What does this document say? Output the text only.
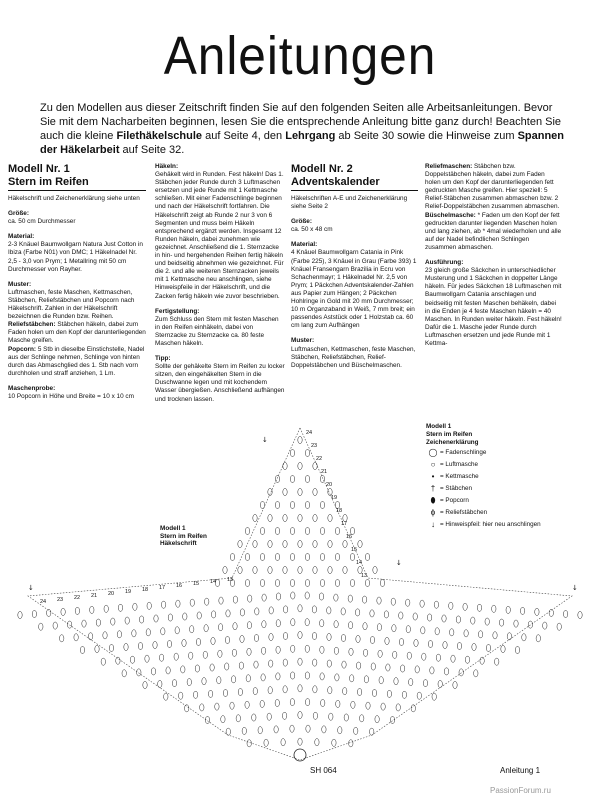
Anleitungen

Zu den Modellen aus dieser Zeitschrift finden Sie auf den folgenden Seiten alle Arbeitsanleitungen. Bevor Sie mit dem Nacharbeiten beginnen, lesen Sie die entsprechende Anleitung bitte ganz durch! Beachten Sie auch die kleine Filethäkelschule auf Seite 4, den Lehrgang ab Seite 30 sowie die Hinweise zum Spannen der Häkelarbeit auf Seite 32.

Modell Nr. 1
Stern im Reifen

Häkelschrift und Zeichenerklärung siehe unten

Größe:
ca. 50 cm Durchmesser

Material:
2-3 Knäuel Baumwollgarn Natura Just Cotton in Ibiza (Farbe N01) von DMC; 1 Häkelnadel Nr. 2,5 - 3,0 von Prym; 1 Metallring mit 50 cm Durchmesser von Rayher.

Muster:
Luftmaschen, feste Maschen, Kettmaschen, Stäbchen, Reliefstäbchen und Popcorn nach Häkelschrift. Zahlen in der Häkelschrift bezeichnen die Runden bzw. Reihen.
Reliefstäbchen: Stäbchen häkeln, dabei zum Faden holen um den Kopf der darunterliegenden Masche greifen.
Popcorn: 5 Stb in dieselbe Einstichstelle, Nadel aus der Schlinge nehmen, Schlinge von hinten durch das Abmaschglied des 1. Stb nach vorn durchholen und straff anziehen, 1 Lm.

Maschenprobe:
10 Popcorn in Höhe und Breite = 10 x 10 cm

Häkeln:
Gehäkelt wird in Runden. Fest häkeln! Das 1. Stäbchen jeder Runde durch 3 Luftmaschen ersetzen und jede Runde mit 1 Kettmasche schließen. Mit einer Fadenschlinge beginnen und nach der Häkelschrift fortfahren. Die Häkelschrift zeigt ab Runde 2 nur 3 von 6 Segmenten und muss beim Häkeln entsprechend ergänzt werden. Insgesamt 12 Runden häkeln, dabei zunehmen wie gezeichnet. Anschließend die 1. Sternzacke in hin- und hergehenden Reihen fertig häkeln und beidseitig abnehmen wie gezeichnet. Für die 2. und alle weiteren Sternzacken jeweils mit 1 Kettmasche neu anschlingen, siehe Hinweispfeile in der Häkelschrift, und die Zacken fertig häkeln wie zuvor beschrieben.

Fertigstellung:
Zum Schluss den Stern mit festen Maschen in den Reifen einhäkeln, dabei von Sternzacke zu Sternzacke ca. 80 feste Maschen häkeln.

Tipp:
Sollte der gehäkelte Stern im Reifen zu locker sitzen, den eingehäkelten Stern in die Duschwanne legen und mit kochendem Wasser übergießen. Anschließend aufhängen und trocknen lassen.

Modell Nr. 2
Adventskalender

Häkelschriften A-E und Zeichenerklärung siehe Seite 2

Größe:
ca. 50 x 48 cm

Material:
4 Knäuel Baumwollgarn Catania in Pink (Farbe 225), 3 Knäuel in Grau (Farbe 393) 1 Knäuel Fransengarn Brazilia in Ecru von Schachenmayr; 1 Häkelnadel Nr. 2,5 von Prym; 1 Päckchen Adventskalender-Zahlen aus Papier zum Hängen; 2 Päckchen Hohlringe in Gold mit 20 mm Durchmesser; 10 m Organzaband in Weiß, 7 mm breit; ein passendes Aststück oder 1 Holzstab ca. 60 cm lang zum Aufhängen

Muster:
Luftmaschen, Kettmaschen, feste Maschen, Stäbchen, Reliefstäbchen, Relief-Doppelstäbchen und Büschelmaschen.

Reliefmaschen: Stäbchen bzw. Doppelstäbchen häkeln, dabei zum Faden holen um den Kopf der darunterliegenden fett gedruckten Masche greifen. Hier speziell: 5 Relief-Stäbchen zusammen abmaschen bzw. 2 Relief-Doppelstäbchen zusammen abmaschen.
Büschelmasche: * Faden um den Kopf der fett gedruckten darunter liegenden Maschen holen und lang ziehen, ab * 4mal wiederholen und alle auf der Nadel befindlichen Schlingen zusammen abmaschen.

Ausführung:
23 gleich große Säckchen in unterschiedlicher Musterung und 1 Säckchen in doppelter Länge häkeln. Für jedes Säckchen 18 Luftmaschen mit Baumwollgarn Catania anschlagen und beidseitig mit festen Maschen behäkeln, dabei in die Enden je 4 feste Maschen häkeln = 40 Maschen. In Runden weiter häkeln. Fest häkeln! Dafür die 1. Masche jeder Runde durch Luftmaschen ersetzen und jede Runde mit 1 Kettma-

Modell 1
Stern im Reifen
Zeichenerklärung
◯ = Fadenschlinge
○ = Luftmasche
• = Kettmasche
† = Stäbchen
⬮ = Popcorn
ɸ = Reliefstäbchen
↓ = Hinweispfeil: hier neu anschlingen
Modell 1
Stern im Reifen
Häkelschrift
24 23 22 21 20 19 18 17 16 15 14 13
24
23
22
21
20
19
18
17
16
15
14
13
↓
↓
↓	↓
SH 064	Anleitung 1
PassionForum.ru
